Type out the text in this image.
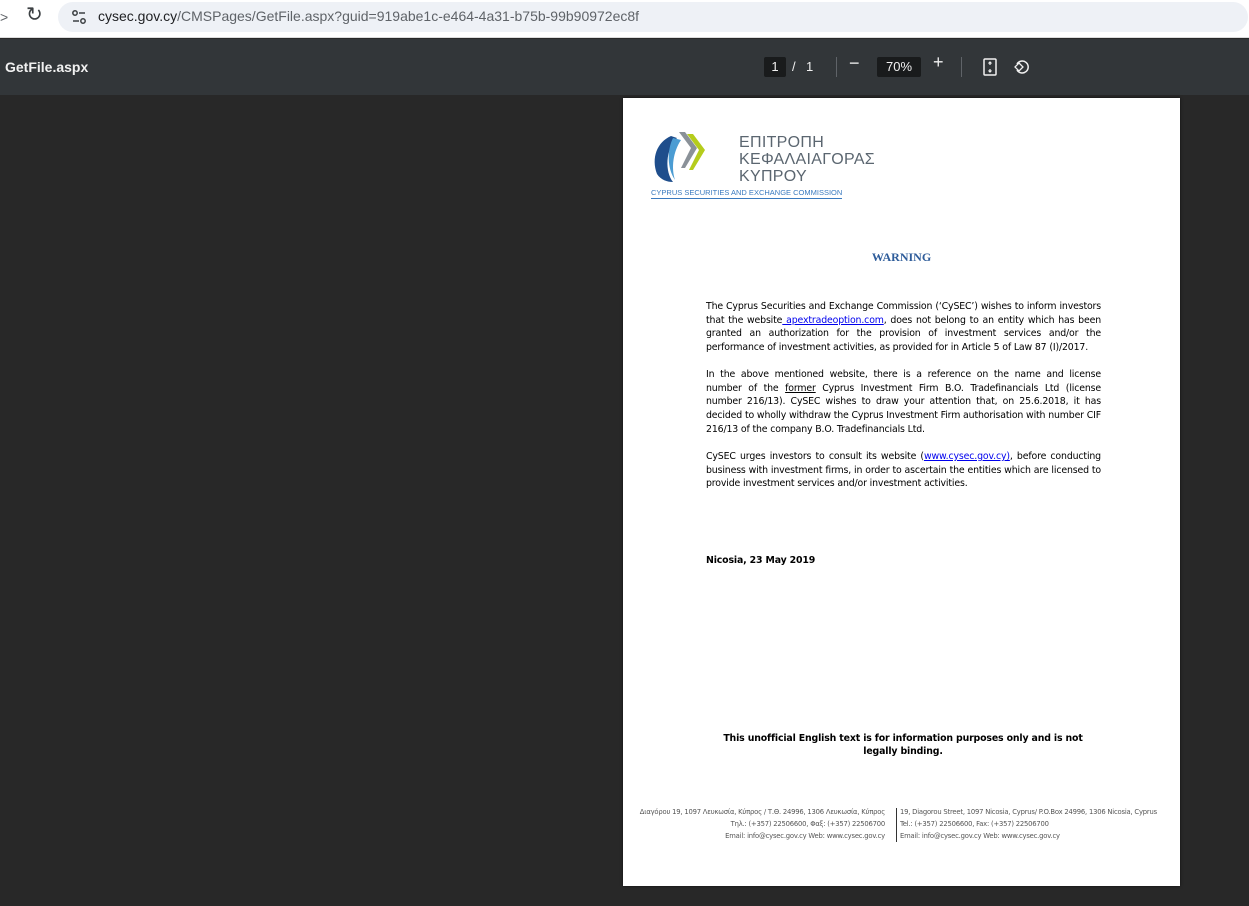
> ↻	cysec.gov.cy/CMSPages/GetFile.aspx?guid=919abe1c-e464-4a31-b75b-99b90972ec8f
GetFile.aspx	1	/ 1 −	70%	+
ΕΠΙΤΡΟΠΗ
ΚΕΦΑΛΑΙΑΓΟΡΑΣ
ΚΥΠΡΟΥ
CYPRUS SECURITIES AND EXCHANGE COMMISSION
WARNING
The Cyprus Securities and Exchange Commission (‘CySEC’) wishes to inform investors that the website apextradeoption.com, does not belong to an entity which has been granted an authorization for the provision of investment services and/or the performance of investment activities, as provided for in Article 5 of Law 87 (I)/2017.
In the above mentioned website, there is a reference on the name and license number of the former Cyprus Investment Firm B.O. Tradefinancials Ltd (license number 216/13). CySEC wishes to draw your attention that, on 25.6.2018, it has decided to wholly withdraw the Cyprus Investment Firm authorisation with number CIF 216/13 of the company B.O. Tradefinancials Ltd.
CySEC urges investors to consult its website (www.cysec.gov.cy), before conducting business with investment firms, in order to ascertain the entities which are licensed to provide investment services and/or investment activities.
Nicosia, 23 May 2019
This unofficial English text is for information purposes only and is not legally binding.
Διαγόρου 19, 1097 Λευκωσία, Κύπρος / Τ.Θ. 24996, 1306 Λευκωσία, Κύπρος
Τηλ.: (+357) 22506600, Φαξ: (+357) 22506700
Email: info@cysec.gov.cy Web: www.cysec.gov.cy
19, Diagorou Street, 1097 Nicosia, Cyprus/ P.O.Box 24996, 1306 Nicosia, Cyprus
Tel.: (+357) 22506600, Fax: (+357) 22506700
Email: info@cysec.gov.cy Web: www.cysec.gov.cy
